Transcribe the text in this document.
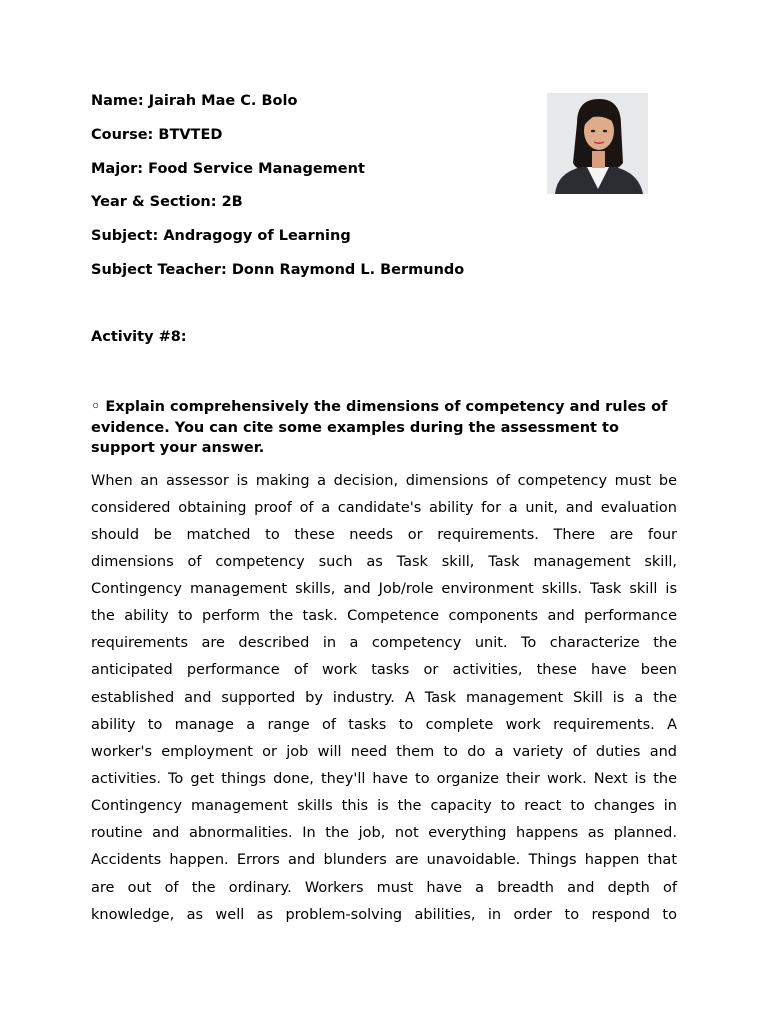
Name: Jairah Mae C. Bolo
Course: BTVTED
Major: Food Service Management
Year & Section: 2B
Subject: Andragogy of Learning
Subject Teacher: Donn Raymond L. Bermundo
Activity #8:
◦ Explain comprehensively the dimensions of competency and rules of evidence. You can cite some examples during the assessment to support your answer.
When an assessor is making a decision, dimensions of competency must be
considered obtaining proof of a candidate's ability for a unit, and evaluation
should be matched to these needs or requirements. There are four
dimensions of competency such as Task skill, Task management skill,
Contingency management skills, and Job/role environment skills. Task skill is
the ability to perform the task. Competence components and performance
requirements are described in a competency unit. To characterize the
anticipated performance of work tasks or activities, these have been
established and supported by industry. A Task management Skill is a the
ability to manage a range of tasks to complete work requirements. A
worker's employment or job will need them to do a variety of duties and
activities. To get things done, they'll have to organize their work. Next is the
Contingency management skills this is the capacity to react to changes in
routine and abnormalities. In the job, not everything happens as planned.
Accidents happen. Errors and blunders are unavoidable. Things happen that
are out of the ordinary. Workers must have a breadth and depth of
knowledge, as well as problem-solving abilities, in order to respond to
